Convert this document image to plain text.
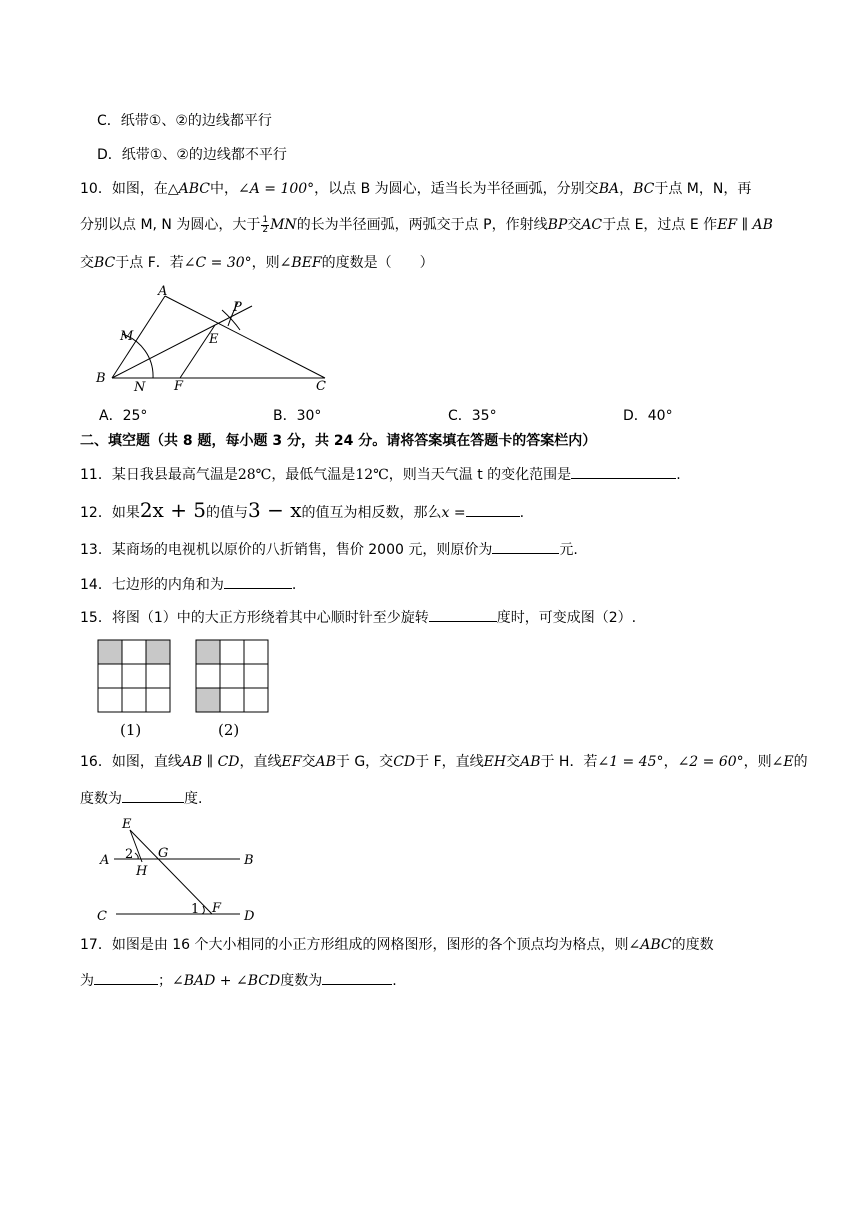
C．纸带①、②的边线都平行
D．纸带①、②的边线都不平行
10．如图，在△ABC中，∠A = 100°，以点 B 为圆心，适当长为半径画弧，分别交BA，BC于点 M，N，再
分别以点 M, N 为圆心，大于 $\frac{1}{2}$ MN的长为半径画弧，两弧交于点 P，作射线BP交AC于点 E，过点 E 作EF ∥ AB
交BC于点 F．若∠C = 30°，则∠BEF的度数是（　　）
A
B
C
M
N
E
F
P
A．25°	B．30°	C．35°	D．40°
二、填空题（共 8 题，每小题 3 分，共 24 分。请将答案填在答题卡的答案栏内）
11．某日我县最高气温是28℃，最低气温是12℃，则当天气温 t 的变化范围是	.
12．如果2x + 5的值与3 − x的值互为相反数，那么x =	.
13．某商场的电视机以原价的八折销售，售价 2000 元，则原价为	元.
14．七边形的内角和为	.
15．将图（1）中的大正方形绕着其中心顺时针至少旋转	度时，可变成图（2）.
(1)	(2)
16．如图，直线AB ∥ CD，直线EF交AB于 G，交CD于 F，直线EH交AB于 H．若∠1 = 45°，∠2 = 60°，则∠E的
度数为	度.
E
A	B
G
H
C	D
F
1
2
17．如图是由 16 个大小相同的小正方形组成的网格图形，图形的各个顶点均为格点，则∠ABC的度数
为	；∠BAD + ∠BCD度数为	.
